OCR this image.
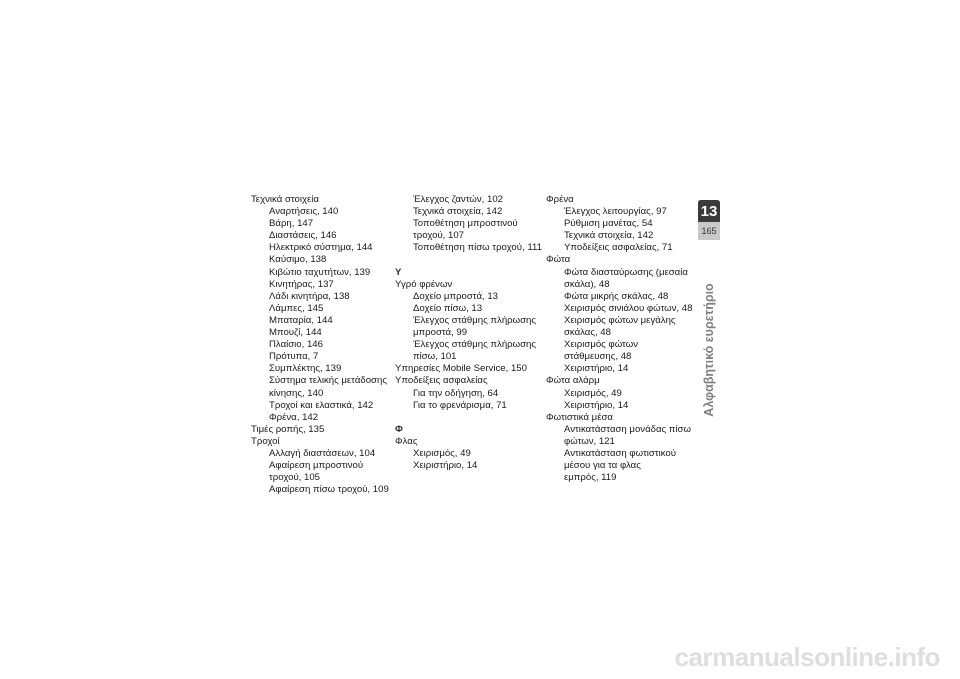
Τεχνικά στοιχεία
Αναρτήσεις, 140
Βάρη, 147
Διαστάσεις, 146
Ηλεκτρικό σύστημα, 144
Καύσιμο, 138
Κιβώτιο ταχυτήτων, 139
Κινητήρας, 137
Λάδι κινητήρα, 138
Λάμπες, 145
Μπαταρία, 144
Μπουζί, 144
Πλαίσιο, 146
Πρότυπα, 7
Συμπλέκτης, 139
Σύστημα τελικής μετάδοσης
κίνησης, 140
Τροχοί και ελαστικά, 142
Φρένα, 142
Τιμές ροπής, 135
Τροχοί
Αλλαγή διαστάσεων, 104
Αφαίρεση μπροστινού
τροχού, 105
Αφαίρεση πίσω τροχού, 109
Έλεγχος ζαντών, 102
Τεχνικά στοιχεία, 142
Τοποθέτηση μπροστινού
τροχού, 107
Τοποθέτηση πίσω τροχού, 111
Υ
Υγρό φρένων
Δοχείο μπροστά, 13
Δοχείο πίσω, 13
Έλεγχος στάθμης πλήρωσης
μπροστά, 99
Έλεγχος στάθμης πλήρωσης
πίσω, 101
Υπηρεσίες Mobile Service, 150
Υποδείξεις ασφαλείας
Για την οδήγηση, 64
Για το φρενάρισμα, 71
Φ
Φλας
Χειρισμός, 49
Χειριστήριο, 14
Φρένα
Έλεγχος λειτουργίας, 97
Ρύθμιση μανέτας, 54
Τεχνικά στοιχεία, 142
Υποδείξεις ασφαλείας, 71
Φώτα
Φώτα διασταύρωσης (μεσαία
σκάλα), 48
Φώτα μικρής σκάλας, 48
Χειρισμός σινιάλου φώτων, 48
Χειρισμός φώτων μεγάλης
σκάλας, 48
Χειρισμός φώτων
στάθμευσης, 48
Χειριστήριο, 14
Φώτα αλάρμ
Χειρισμός, 49
Χειριστήριο, 14
Φωτιστικά μέσα
Αντικατάσταση μονάδας πίσω
φώτων, 121
Αντικατάσταση φωτιστικού
μέσου για τα φλας
εμπρός, 119
13
165
Αλφαβητικό ευρετήριο
carmanualsonline.info
